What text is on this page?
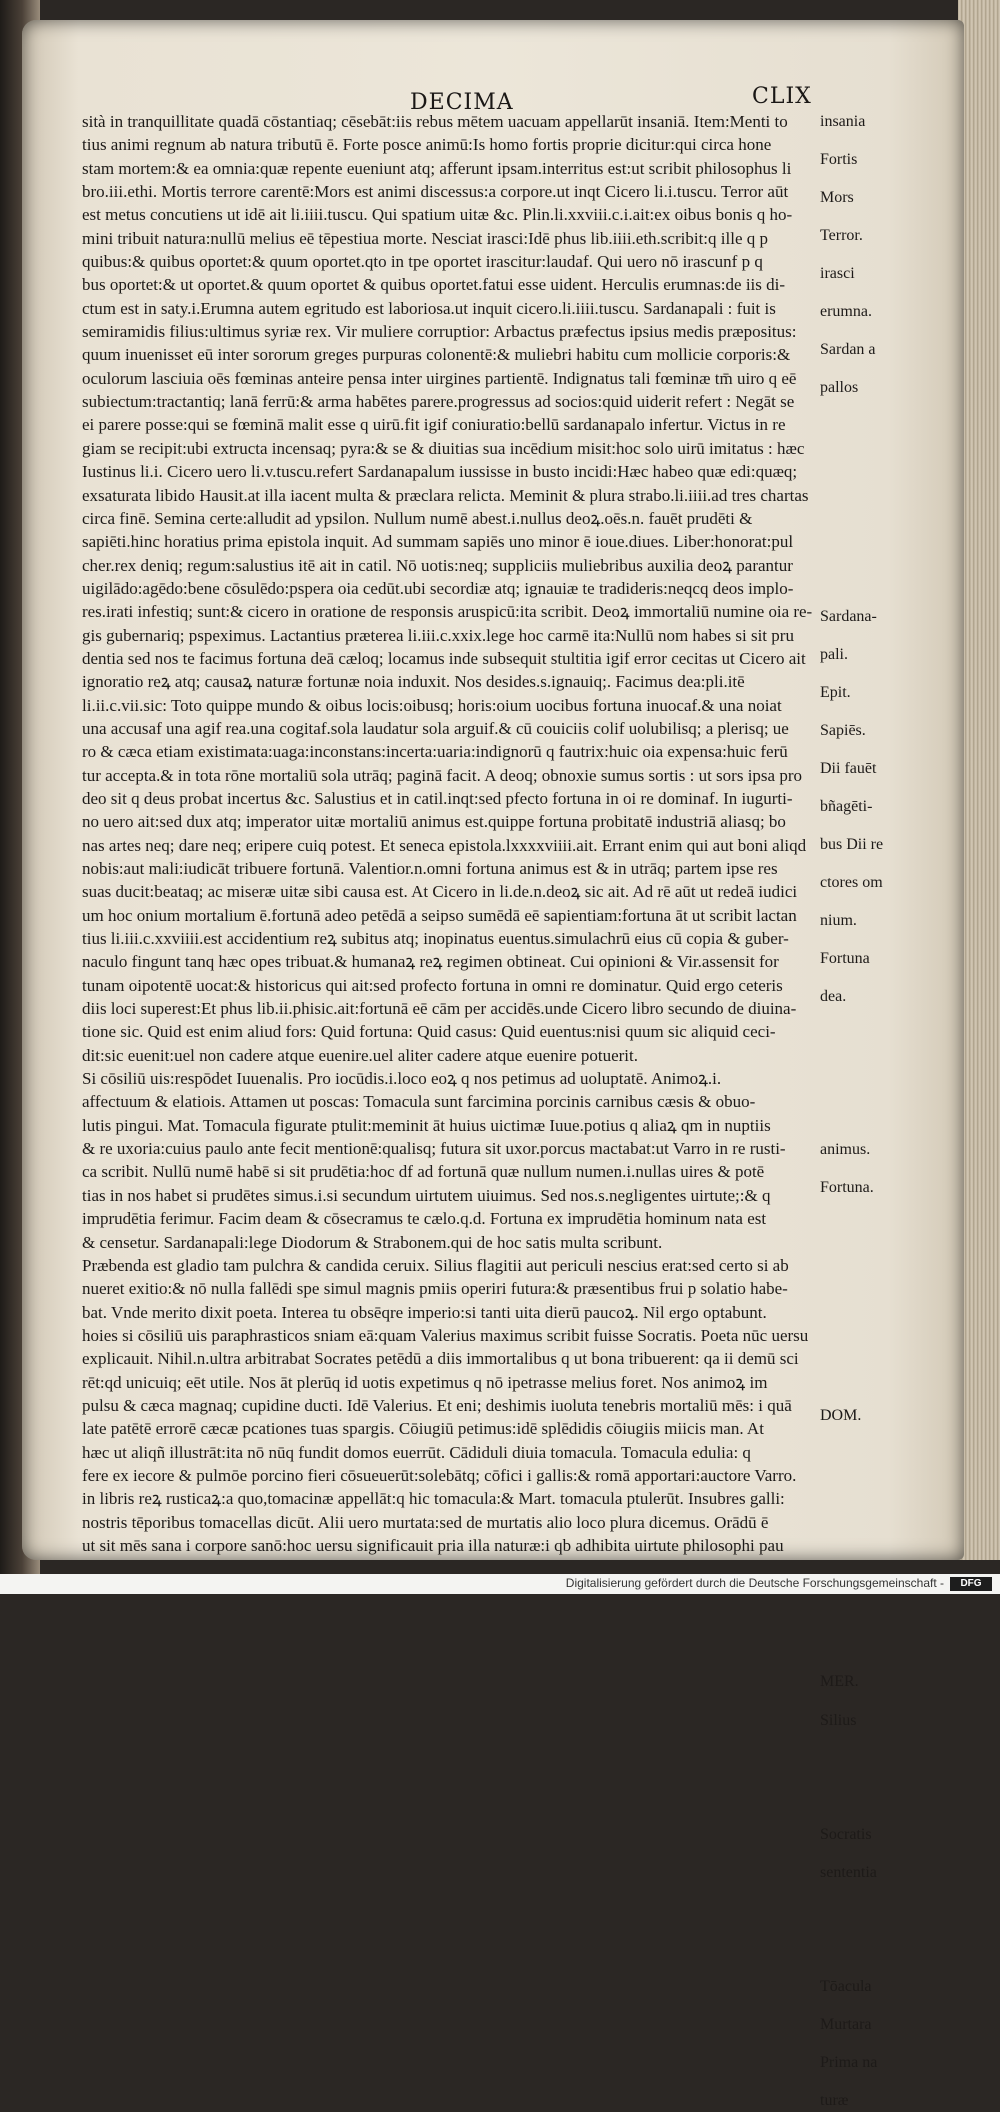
DECIMA	CLIX
sità in tranquillitate quadā cōstantiaq; cēsebāt:iis rebus mētem uacuam appellarūt insaniā. Item:Menti to
tius animi regnum ab natura tributū ē. Forte posce animū:Is homo fortis proprie dicitur:qui circa hone
stam mortem:& ea omnia:quæ repente eueniunt atq; afferunt ipsam.interritus est:ut scribit philosophus li
bro.iii.ethi. Mortis terrore carentē:Mors est animi discessus:a corpore.ut inqt Cicero li.i.tuscu. Terror aūt
est metus concutiens ut idē ait li.iiii.tuscu. Qui spatium uitæ &c. Plin.li.xxviii.c.i.ait:ex oibus bonis q ho-
mini tribuit natura:nullū melius eē tēpestiua morte. Nesciat irasci:Idē phus lib.iiii.eth.scribit:q ille q p
quibus:& quibus oportet:& quum oportet.qto in tpe oportet irascitur:laudaf. Qui uero nō irascunf p q
bus oportet:& ut oportet.& quum oportet & quibus oportet.fatui esse uident. Herculis erumnas:de iis di-
ctum est in saty.i.Erumna autem egritudo est laboriosa.ut inquit cicero.li.iiii.tuscu. Sardanapali : fuit is
semiramidis filius:ultimus syriæ rex. Vir muliere corruptior: Arbactus præfectus ipsius medis præpositus:
quum inuenisset eū inter sororum greges purpuras colonentē:& muliebri habitu cum mollicie corporis:&
oculorum lasciuia oēs fœminas anteire pensa inter uirgines partientē. Indignatus tali fœminæ tm̄ uiro q eē
subiectum:tractantiq; lanā ferrū:& arma habētes parere.progressus ad socios:quid uiderit refert : Negāt se
ei parere posse:qui se fœminā malit esse q uirū.fit igif coniuratio:bellū sardanapalo infertur. Victus in re
giam se recipit:ubi extructa incensaq; pyra:& se & diuitias sua incēdium misit:hoc solo uirū imitatus : hæc
Iustinus li.i. Cicero uero li.v.tuscu.refert Sardanapalum iussisse in busto incidi:Hæc habeo quæ edi:quæq;
exsaturata libido Hausit.at illa iacent multa & præclara relicta. Meminit & plura strabo.li.iiii.ad tres chartas
circa finē. Semina certe:alludit ad ypsilon. Nullum numē abest.i.nullus deoꝝ.oēs.n. fauēt prudēti &
sapiēti.hinc horatius prima epistola inquit. Ad summam sapiēs uno minor ē ioue.diues. Liber:honorat:pul
cher.rex deniq; regum:salustius itē ait in catil. Nō uotis:neq; suppliciis muliebribus auxilia deoꝝ parantur
uigilādo:agēdo:bene cōsulēdo:pspera oia cedūt.ubi secordiæ atq; ignauiæ te tradideris:neqcq deos implo-
res.irati infestiq; sunt:& cicero in oratione de responsis aruspicū:ita scribit. Deoꝝ immortaliū numine oia re-
gis gubernariq; pspeximus. Lactantius præterea li.iii.c.xxix.lege hoc carmē ita:Nullū nom habes si sit pru
dentia sed nos te facimus fortuna deā cæloq; locamus inde subsequit stultitia igif error cecitas ut Cicero ait
ignoratio reꝝ atq; causaꝝ naturæ fortunæ noia induxit. Nos desides.s.ignauiq;. Facimus dea:pli.itē
li.ii.c.vii.sic: Toto quippe mundo & oibus locis:oibusq; horis:oium uocibus fortuna inuocaf.& una noiat
una accusaf una agif rea.una cogitaf.sola laudatur sola arguif.& cū couiciis colif uolubilisq; a plerisq; ue
ro & cæca etiam existimata:uaga:inconstans:incerta:uaria:indignorū q fautrix:huic oia expensa:huic ferū
tur accepta.& in tota rōne mortaliū sola utrāq; paginā facit. A deoq; obnoxie sumus sortis : ut sors ipsa pro
deo sit q deus probat incertus &c. Salustius et in catil.inqt:sed pfecto fortuna in oi re dominaf. In iugurti-
no uero ait:sed dux atq; imperator uitæ mortaliū animus est.quippe fortuna probitatē industriā aliasq; bo
nas artes neq; dare neq; eripere cuiq potest. Et seneca epistola.lxxxxviiii.ait. Errant enim qui aut boni aliqd
nobis:aut mali:iudicāt tribuere fortunā. Valentior.n.omni fortuna animus est & in utrāq; partem ipse res
suas ducit:beataq; ac miseræ uitæ sibi causa est. At Cicero in li.de.n.deoꝝ sic ait. Ad rē aūt ut redeā iudici
um hoc onium mortalium ē.fortunā adeo petēdā a seipso sumēdā eē sapientiam:fortuna āt ut scribit lactan
tius li.iii.c.xxviiii.est accidentium reꝝ subitus atq; inopinatus euentus.simulachrū eius cū copia & guber-
naculo fingunt tanq hæc opes tribuat.& humanaꝝ reꝝ regimen obtineat. Cui opinioni & Vir.assensit for
tunam oipotentē uocat:& historicus qui ait:sed profecto fortuna in omni re dominatur. Quid ergo ceteris
diis loci superest:Et phus lib.ii.phisic.ait:fortunā eē cām per accidēs.unde Cicero libro secundo de diuina-
tione sic. Quid est enim aliud fors: Quid fortuna: Quid casus: Quid euentus:nisi quum sic aliquid ceci-
dit:sic euenit:uel non cadere atque euenire.uel aliter cadere atque euenire potuerit.
Si cōsiliū uis:respōdet Iuuenalis. Pro iocūdis.i.loco eoꝝ q nos petimus ad uoluptatē. Animoꝝ.i.
affectuum & elatiois. Attamen ut poscas: Tomacula sunt farcimina porcinis carnibus cæsis & obuo-
lutis pingui. Mat. Tomacula figurate ptulit:meminit āt huius uictimæ Iuue.potius q aliaꝝ qm in nuptiis
& re uxoria:cuius paulo ante fecit mentionē:qualisq; futura sit uxor.porcus mactabat:ut Varro in re rusti-
ca scribit. Nullū numē habē si sit prudētia:hoc df ad fortunā quæ nullum numen.i.nullas uires & potē
tias in nos habet si prudētes simus.i.si secundum uirtutem uiuimus. Sed nos.s.negligentes uirtute;:& q
imprudētia ferimur. Facim deam & cōsecramus te cælo.q.d. Fortuna ex imprudētia hominum nata est
& censetur. Sardanapali:lege Diodorum & Strabonem.qui de hoc satis multa scribunt.
Præbenda est gladio tam pulchra & candida ceruix. Silius flagitii aut periculi nescius erat:sed certo si ab
nueret exitio:& nō nulla fallēdi spe simul magnis pmiis operiri futura:& præsentibus frui p solatio habe-
bat. Vnde merito dixit poeta. Interea tu obsēqre imperio:si tanti uita dierū paucoꝝ. Nil ergo optabunt.
hoies si cōsiliū uis paraphrasticos sniam eā:quam Valerius maximus scribit fuisse Socratis. Poeta nūc uersu
explicauit. Nihil.n.ultra arbitrabat Socrates petēdū a diis immortalibus q ut bona tribuerent: qa ii demū sci
rēt:qd unicuiq; eēt utile. Nos āt plerūq id uotis expetimus q nō ipetrasse melius foret. Nos animoꝝ im
pulsu & cæca magnaq; cupidine ducti. Idē Valerius. Et eni; deshimis iuoluta tenebris mortaliū mēs: i quā
late patētē errorē cæcæ pcationes tuas spargis. Cōiugiū petimus:idē splēdidis cōiugiis miicis man. At
hæc ut aliqñ illustrāt:ita nō nūq fundit domos euerrūt. Cādiduli diuia tomacula. Tomacula edulia: q
fere ex iecore & pulmōe porcino fieri cōsueuerūt:solebātq; cōfici i gallis:& romā apportari:auctore Varro.
in libris reꝝ rusticaꝝ:a quo,tomacinæ appellāt:q hic tomacula:& Mart. tomacula ptulerūt. Insubres galli:
nostris tēporibus tomacellas dicūt. Alii uero murtata:sed de murtatis alio loco plura dicemus. Orādū ē
ut sit mēs sana i corpore sanō:hoc uersu significauit pria illa naturæ:i qb adhibita uirtute philosophi pau
insania
Fortis
Mors
Terror.
irasci
erumna.
Sardan a
pallos
Sardana-
pali.
Epit.
Sapiēs.
Dii fauēt
bñagēti-
bus Dii re
ctores om
nium.
Fortuna
dea.
animus.
Fortuna.
DOM.
MER.
Silius
Socratis
sententia
Tōacula
Murtara
Prima na
turæ
Digitalisierung gefördert durch die Deutsche Forschungsgemeinschaft -	DFG
